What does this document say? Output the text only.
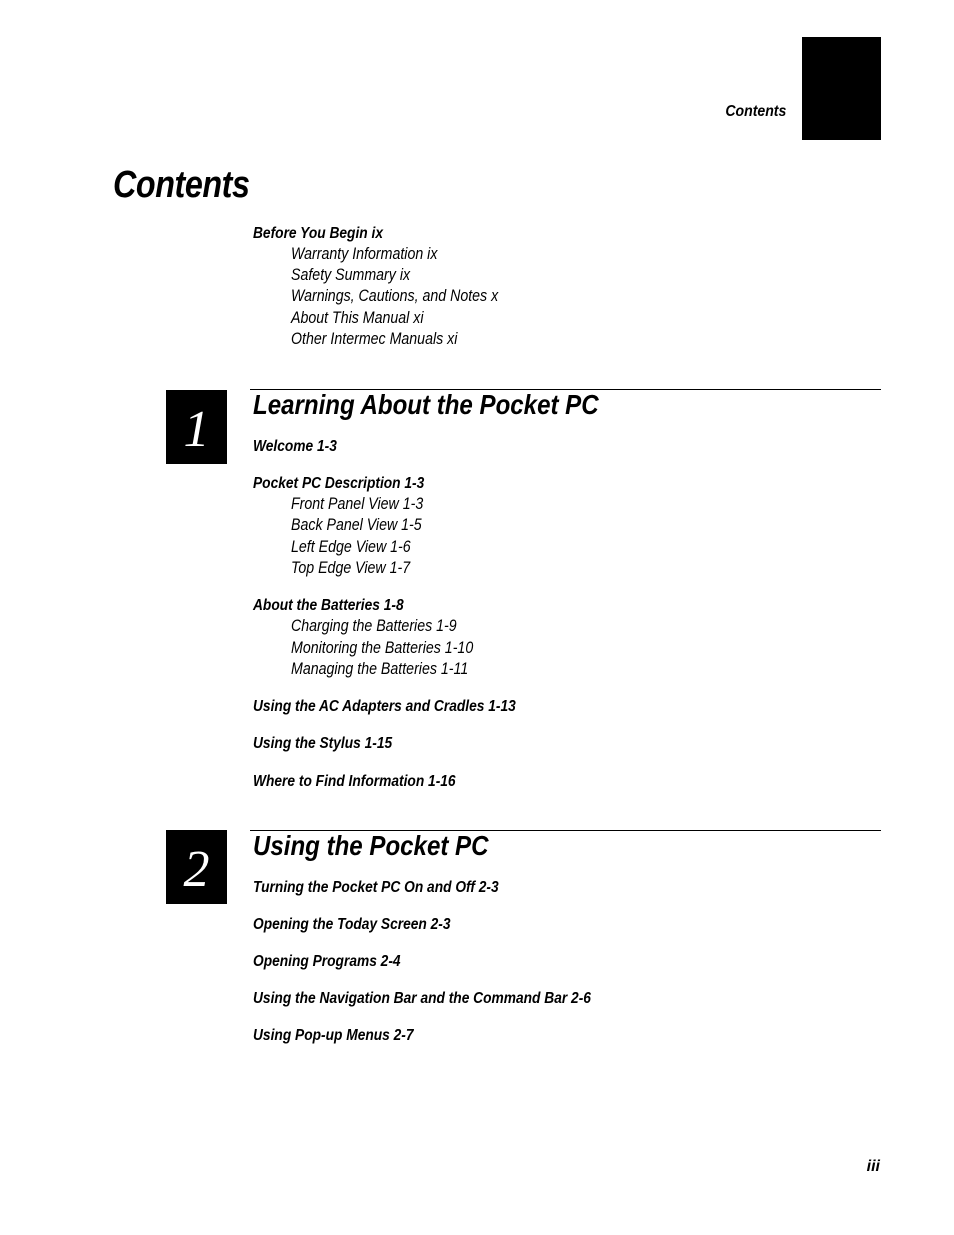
Contents
Contents
Before You Begin ix
Warranty Information ix
Safety Summary ix
Warnings, Cautions, and Notes x
About This Manual xi
Other Intermec Manuals xi
1	Learning About the Pocket PC
Welcome 1-3
Pocket PC Description 1-3
Front Panel View 1-3
Back Panel View 1-5
Left Edge View 1-6
Top Edge View 1-7
About the Batteries 1-8
Charging the Batteries 1-9
Monitoring the Batteries 1-10
Managing the Batteries 1-11
Using the AC Adapters and Cradles 1-13
Using the Stylus 1-15
Where to Find Information 1-16
2	Using the Pocket PC
Turning the Pocket PC On and Off 2-3
Opening the Today Screen 2-3
Opening Programs 2-4
Using the Navigation Bar and the Command Bar 2-6
Using Pop-up Menus 2-7
iii
